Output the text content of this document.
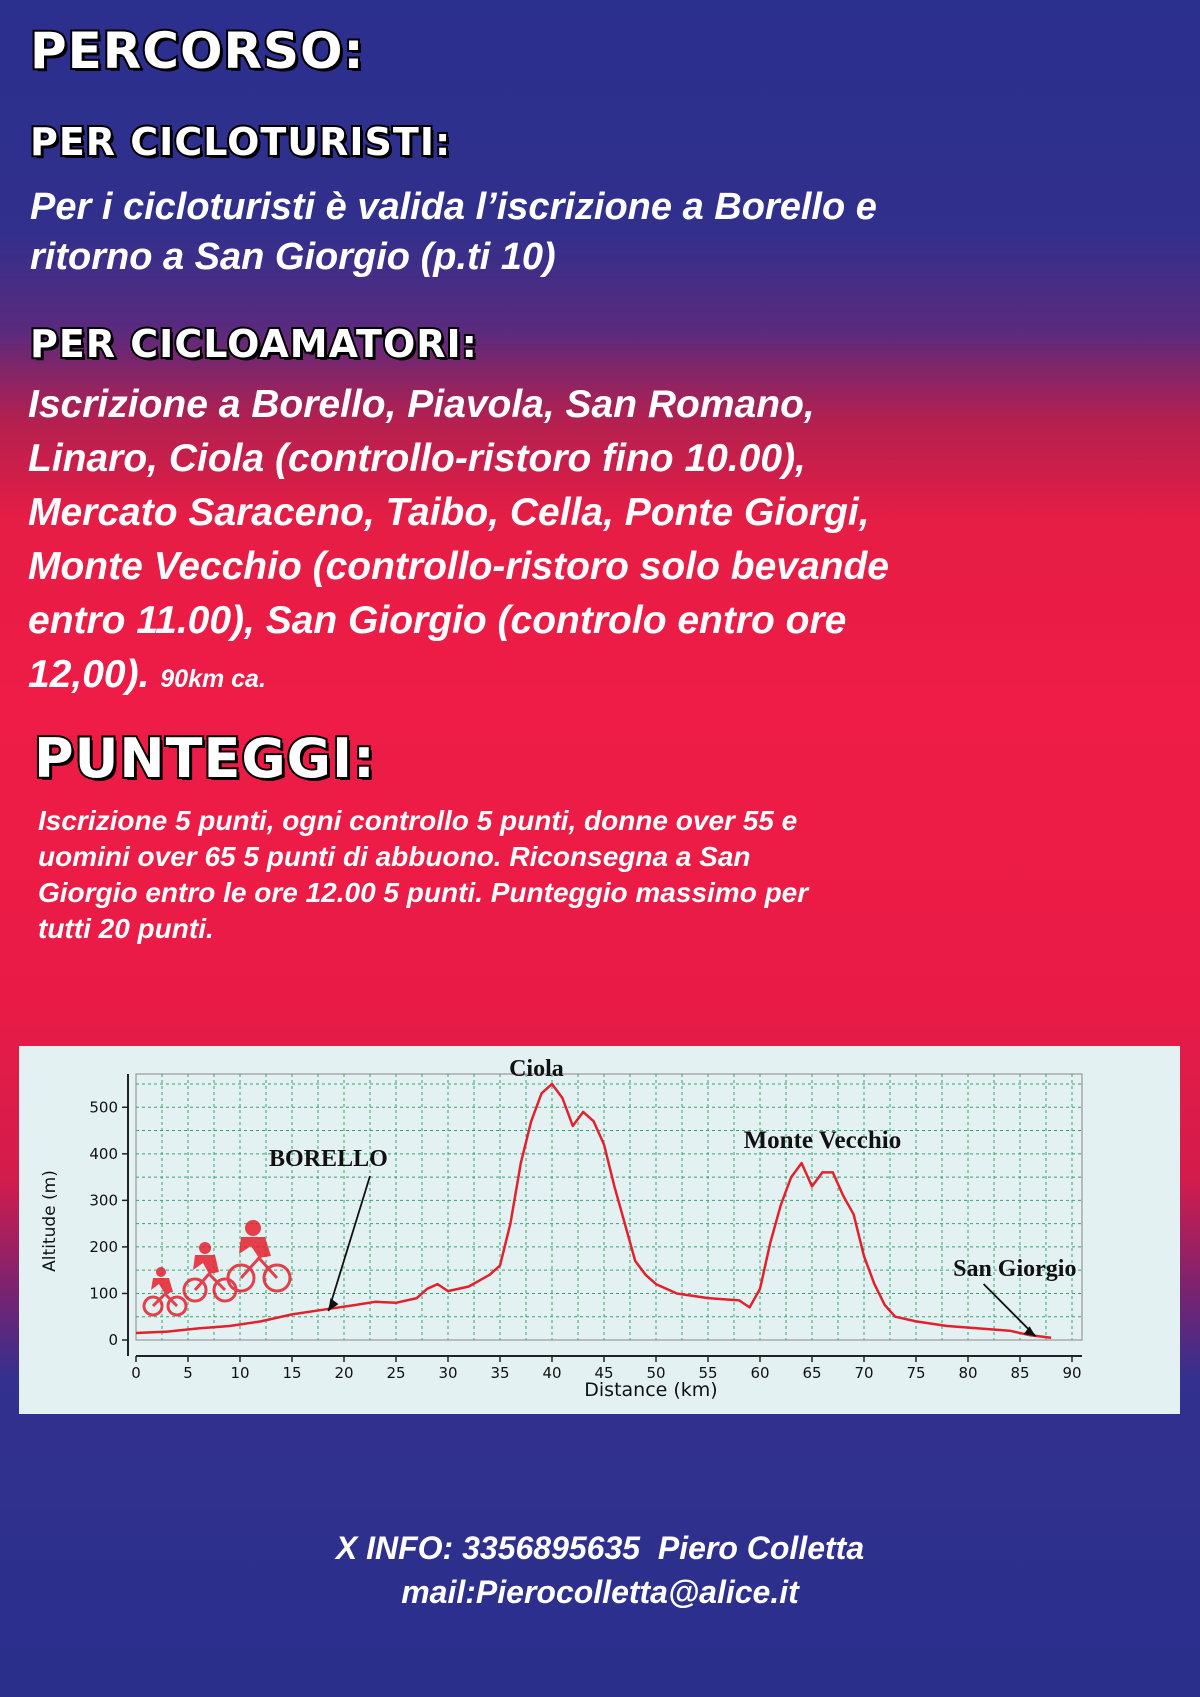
PERCORSO:
PER CICLOTURISTI:

Per i cicloturisti è valida l’iscrizione a Borello e
ritorno a San Giorgio (p.ti 10)

PER CICLOAMATORI:

Iscrizione a Borello, Piavola, San Romano,
Linaro, Ciola (controllo-ristoro fino 10.00),
Mercato Saraceno, Taibo, Cella, Ponte Giorgi,
Monte Vecchio (controllo-ristoro solo bevande
entro 11.00), San Giorgio (controlo entro ore
12,00). 90km ca.

PUNTEGGI:

Iscrizione 5 punti, ogni controllo 5 punti, donne over 55 e
uomini over 65 5 punti di abbuono. Riconsegna a San
Giorgio entro le ore 12.00 5 punti. Punteggio massimo per
tutti 20 punti.

Ciola
BORELLO
Monte Vecchio
San Giorgio
0	5	10 15 20 25 30 35 40 45 50 55 60 65 70 75 80 85 90
0
100
200
300
400
500
Distance (km)
Altitude (m)

X INFO: 3356895635  Piero Colletta

mail:Pierocolletta@alice.it
